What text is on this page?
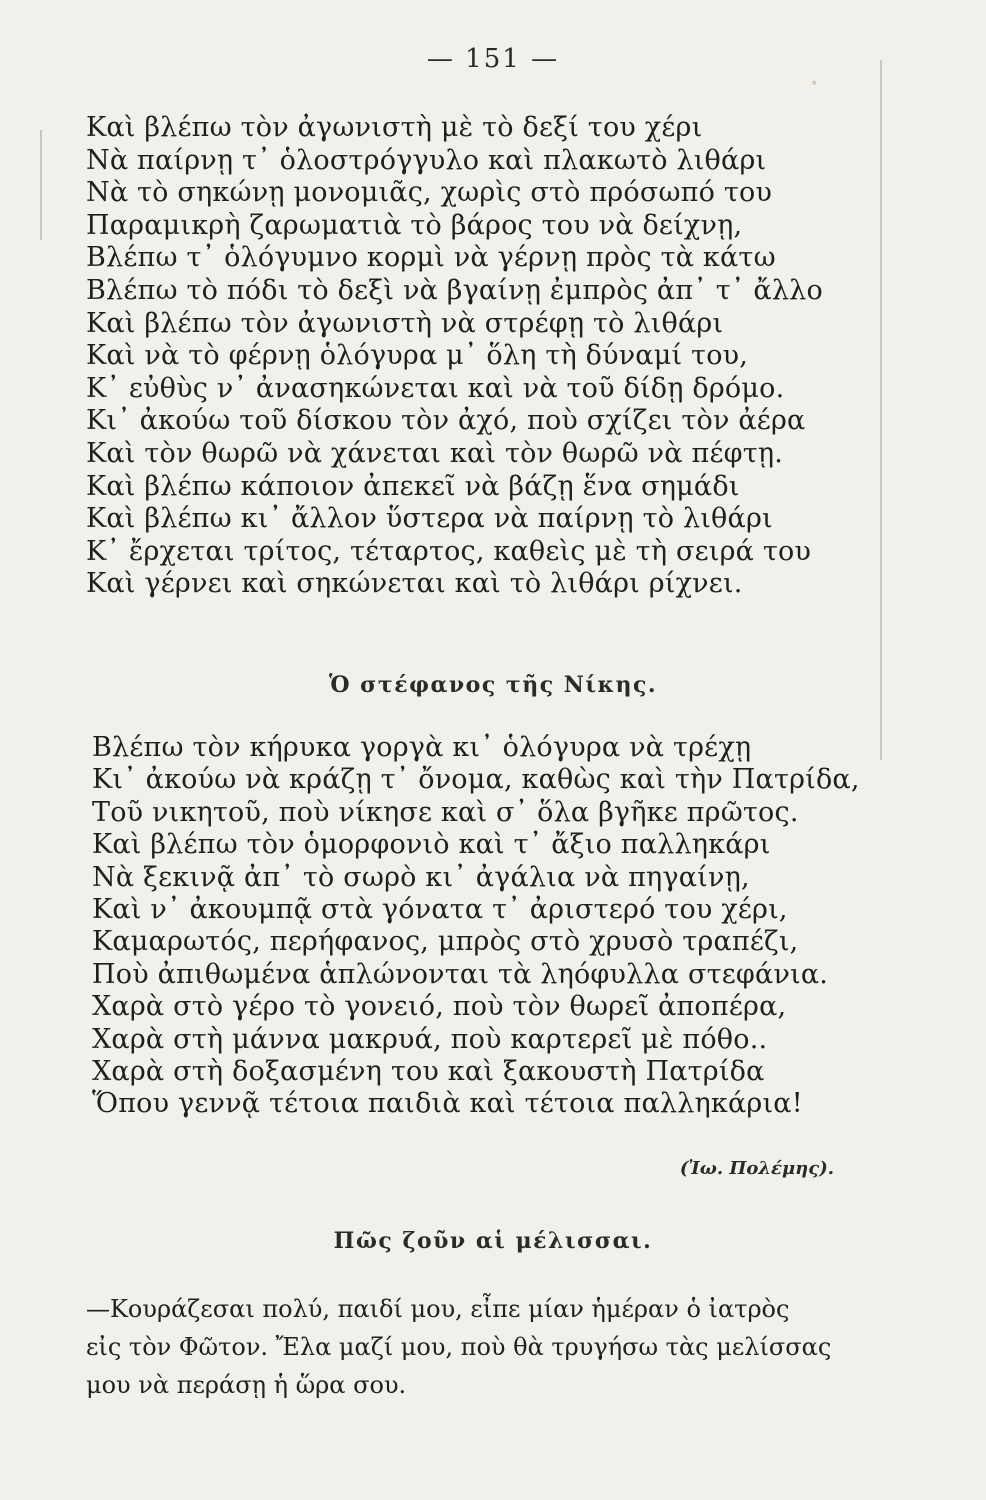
ﾟ
— 151 —
Καὶ βλέπω τὸν ἀγωνιστὴ μὲ τὸ δεξί του χέρι
Νὰ παίρνῃ τ᾽ ὁλοστρόγγυλο καὶ πλακωτὸ λιθάρι
Νὰ τὸ σηκώνῃ μονομιᾶς, χωρὶς στὸ πρόσωπό του
Παραμικρὴ ζαρωματιὰ τὸ βάρος του νὰ δείχνῃ,
Βλέπω τ᾽ ὁλόγυμνο κορμὶ νὰ γέρνῃ πρὸς τὰ κάτω
Βλέπω τὸ πόδι τὸ δεξὶ νὰ βγαίνῃ ἐμπρὸς ἀπ᾽ τ᾽ ἄλλο
Καὶ βλέπω τὸν ἀγωνιστὴ νὰ στρέφῃ τὸ λιθάρι
Καὶ νὰ τὸ φέρνῃ ὁλόγυρα μ᾽ ὅλη τὴ δύναμί του,
Κ᾽ εὐθὺς ν᾽ ἀνασηκώνεται καὶ νὰ τοῦ δίδῃ δρόμο.
Κι᾽ ἀκούω τοῦ δίσκου τὸν ἀχό, ποὺ σχίζει τὸν ἀέρα
Καὶ τὸν θωρῶ νὰ χάνεται καὶ τὸν θωρῶ νὰ πέφτῃ.
Καὶ βλέπω κάποιον ἀπεκεῖ νὰ βάζῃ ἕνα σημάδι
Καὶ βλέπω κι᾽ ἄλλον ὕστερα νὰ παίρνῃ τὸ λιθάρι
Κ᾽ ἔρχεται τρίτος, τέταρτος, καθεὶς μὲ τὴ σειρά του
Καὶ γέρνει καὶ σηκώνεται καὶ τὸ λιθάρι ρίχνει.
Ὁ στέφανος τῆς Νίκης.
Βλέπω τὸν κήρυκα γοργὰ κι᾽ ὁλόγυρα νὰ τρέχῃ
Κι᾽ ἀκούω νὰ κράζῃ τ᾽ ὄνομα, καθὼς καὶ τὴν Πατρίδα,
Τοῦ νικητοῦ, ποὺ νίκησε καὶ σ᾽ ὅλα βγῆκε πρῶτος.
Καὶ βλέπω τὸν ὁμορφονιὸ καὶ τ᾽ ἄξιο παλληκάρι
Νὰ ξεκινᾷ ἀπ᾽ τὸ σωρὸ κι᾽ ἀγάλια νὰ πηγαίνῃ,
Καὶ ν᾽ ἀκουμπᾷ στὰ γόνατα τ᾽ ἀριστερό του χέρι,
Καμαρωτός, περήφανος, μπρὸς στὸ χρυσὸ τραπέζι,
Ποὺ ἀπιθωμένα ἁπλώνονται τὰ ληόφυλλα στεφάνια.
Χαρὰ στὸ γέρο τὸ γονειό, ποὺ τὸν θωρεῖ ἀποπέρα,
Χαρὰ στὴ μάννα μακρυά, ποὺ καρτερεῖ μὲ πόθο..
Χαρὰ στὴ δοξασμένη του καὶ ξακουστὴ Πατρίδα
Ὅπου γεννᾷ τέτοια παιδιὰ καὶ τέτοια παλληκάρια!
(Ἰω. Πολέμης).
Πῶς ζοῦν αἱ μέλισσαι.
—Κουράζεσαι πολύ, παιδί μου, εἶπε μίαν ἡμέραν ὁ ἰατρὸς
εἰς τὸν Φῶτον. Ἔλα μαζί μου, ποὺ θὰ τρυγήσω τὰς μελίσσας
μου νὰ περάσῃ ἡ ὥρα σου.
